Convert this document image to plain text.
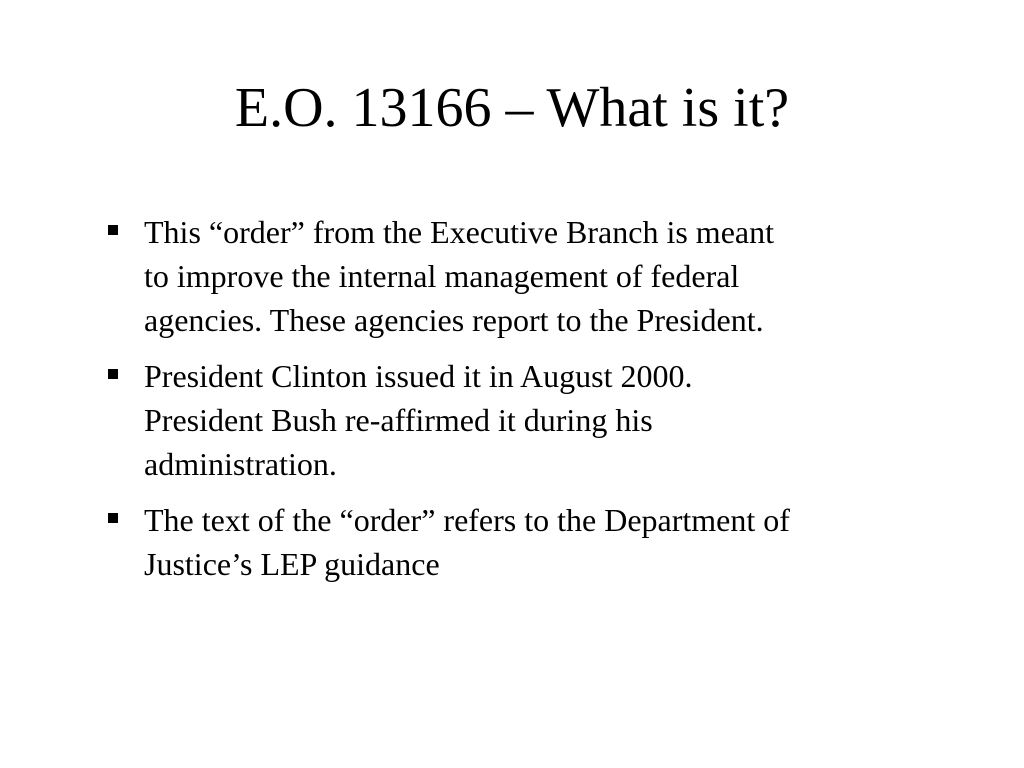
E.O. 13166 – What is it?
This “order” from the Executive Branch is meant
to improve the internal management of federal
agencies. These agencies report to the President.
President Clinton issued it in August 2000.
President Bush re-affirmed it during his
administration.
The text of the “order” refers to the Department of
Justice’s LEP guidance
